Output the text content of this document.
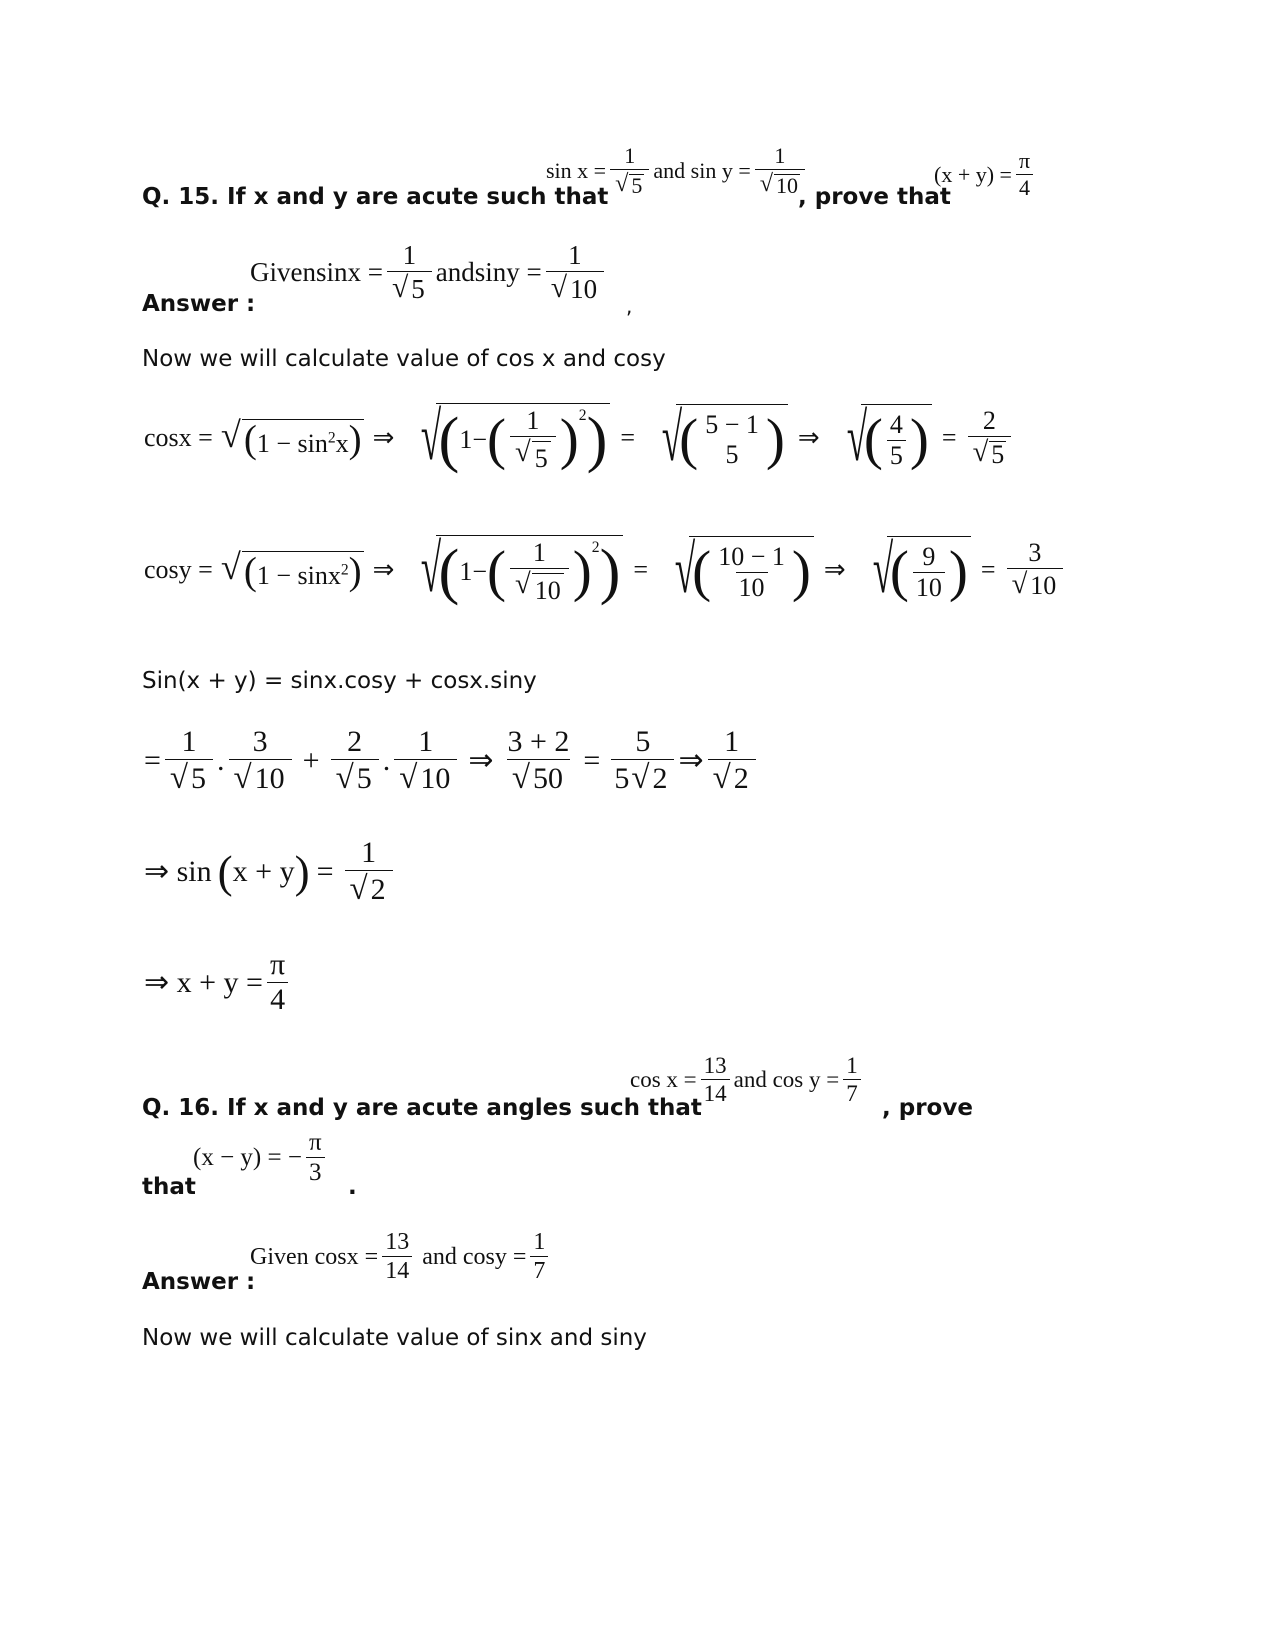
Q. 15. If x and y are acute such that
$\sin x = \frac{1}{√ 5}$ and $\sin y = \frac{1}{√ 10}$
, prove that
$(x + y) = \frac{\pi}{4}$
Answer :
Givensinx = $\frac{1}{√ 5}$ $andsiny = \frac{1}{√ 10}$
,
Now we will calculate value of cos x and cosy
cosx = √ $(1 - \sin^2x)$ ⇒ √
( 1− ( $\frac{1}{√ 5} )^2$ ) = √
( 5 − 1
5 ) ⇒ √
( $\frac{4}{5}$ ) = $\frac{2}{√ 5}$
cosy = √ (1 − sinx$^2$) ⇒ √
( 1− ( $\frac{1}{√ 10} )^2$ ) = √
( $\frac{10 - 1}{10}$ ) ⇒ √
( $\frac{9}{10}$ ) = $\frac{3}{√ 10}$
Sin(x + y) = sinx.cosy + cosx.siny
= $\frac{1}{√ 5}$ . $\frac{3}{√ 10} + \frac{2}{√ 5}$ . $\frac{1}{√ 10}$ ⇒ $\frac{3 + 2}{√ 50} = \frac{5}{5 √ 2}$ ⇒ $\frac{1}{√ 2}$
⇒ sin ( x + y ) = $\frac{1}{√ 2}$
⇒ $x + y = \frac{\pi}{4}$
Q. 16. If x and y are acute angles such that
$\cos x = \frac{13}{14}$ and $\cos y = \frac{1}{7}$
, prove
that
(x − y) = − $\frac{\pi}{3}$
.
Answer :
Given $\cos x = \frac{13}{14}$ and $\cos y = \frac{1}{7}$
Now we will calculate value of sinx and siny
